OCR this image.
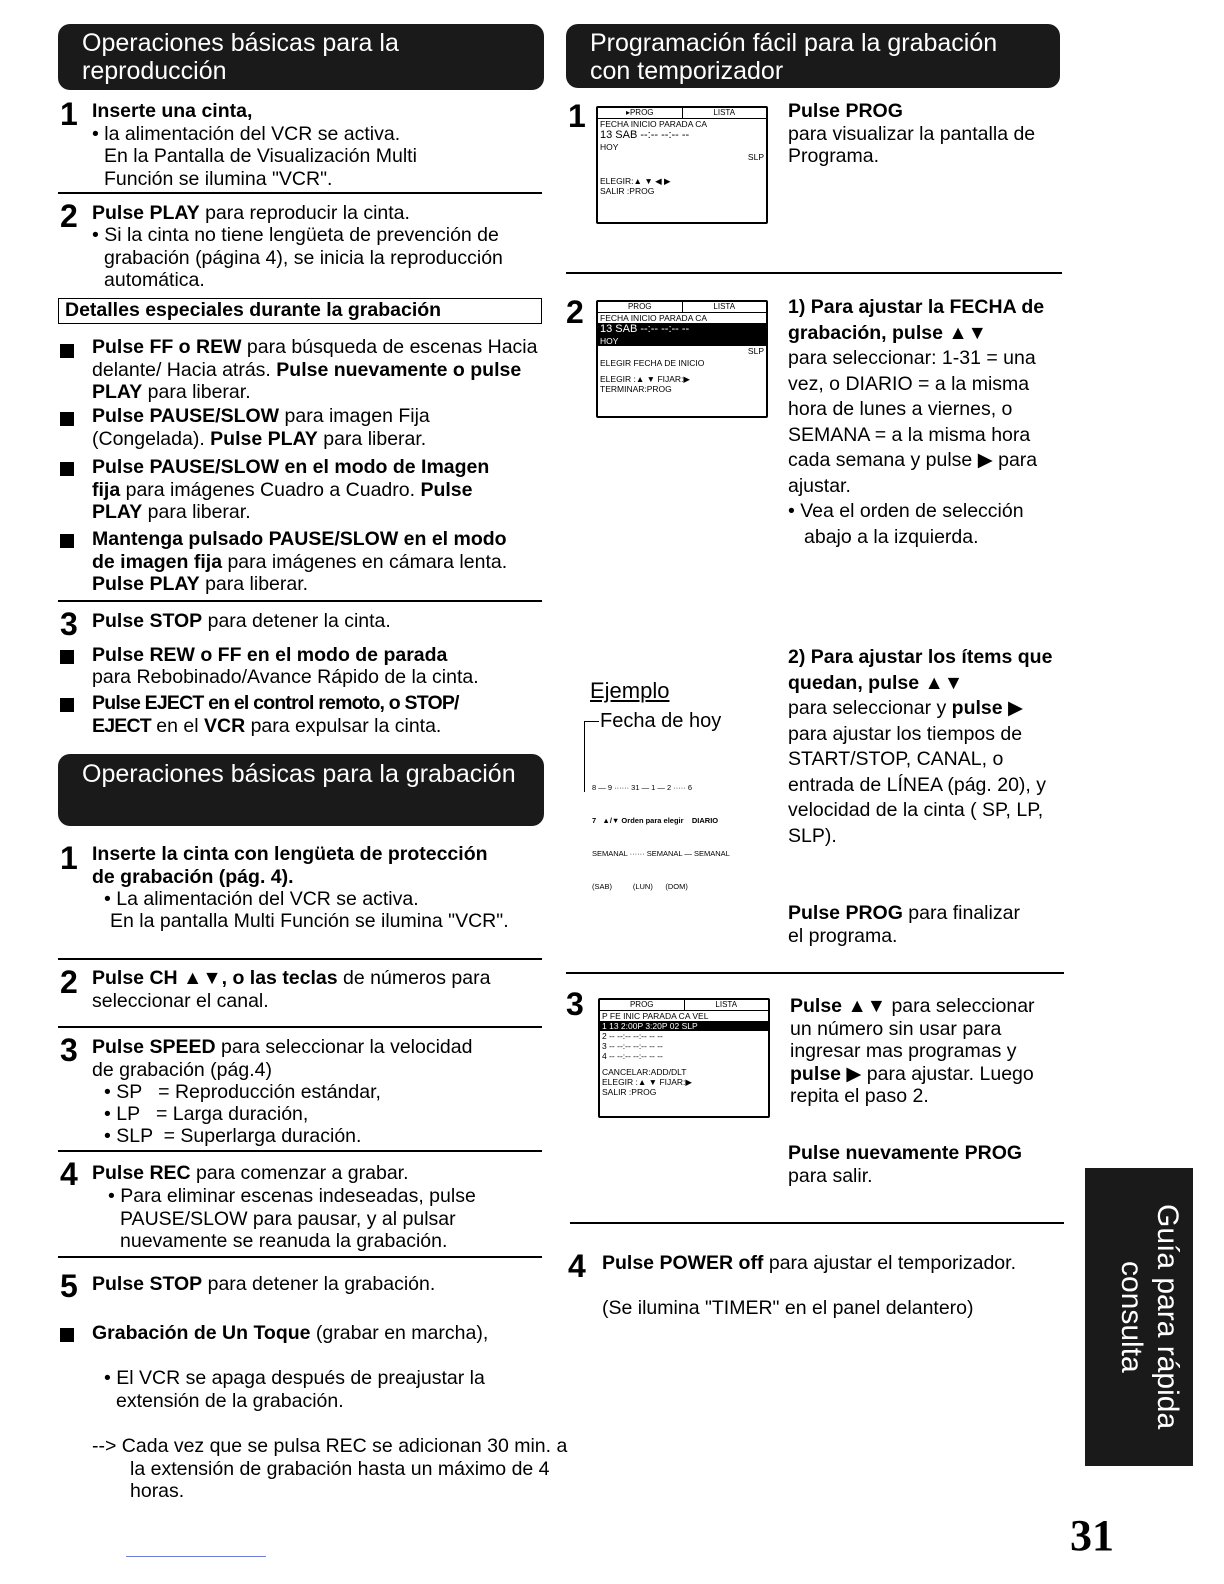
Operaciones básicas para la reproducción
1 Inserte una cinta,
• la alimentación del VCR se activa.
En la Pantalla de Visualización Multi Función se ilumina "VCR".
2 Pulse PLAY para reproducir la cinta.
• Si la cinta no tiene lengüeta de prevención de grabación (página 4), se inicia la reproducción automática.
Detalles especiales durante la grabación
Pulse FF o REW para búsqueda de escenas Hacia delante/ Hacia atrás. Pulse nuevamente o pulse PLAY para liberar.
Pulse PAUSE/SLOW para imagen Fija (Congelada). Pulse PLAY para liberar.
Pulse PAUSE/SLOW en el modo de Imagen fija para imágenes Cuadro a Cuadro. Pulse PLAY para liberar.
Mantenga pulsado PAUSE/SLOW en el modo de imagen fija para imágenes en cámara lenta. Pulse PLAY para liberar.
3 Pulse STOP para detener la cinta.
Pulse REW o FF en el modo de parada
para Rebobinado/Avance Rápido de la cinta.
Pulse EJECT en el control remoto, o STOP/ EJECT en el VCR para expulsar la cinta.
Operaciones básicas para la grabación
1 Inserte la cinta con lengüeta de protección de grabación (pág. 4).
• La alimentación del VCR se activa.
En la pantalla Multi Función se ilumina "VCR".
2 Pulse CH ▲▼, o las teclas de números para seleccionar el canal.
3 Pulse SPEED para seleccionar la velocidad de grabación (pág.4)
• SP   = Reproducción estándar,
• LP   = Larga duración,
• SLP  = Superlarga duración.
4 Pulse REC para comenzar a grabar.
• Para eliminar escenas indeseadas, pulse PAUSE/SLOW para pausar, y al pulsar nuevamente se reanuda la grabación.
5 Pulse STOP para detener la grabación.
Grabación de Un Toque (grabar en marcha),
• El VCR se apaga después de preajustar la extensión de la grabación.
--> Cada vez que se pulsa REC se adicionan 30 min. a la extensión de grabación hasta un máximo de 4 horas.
Programación fácil para la grabación con temporizador
1	▸PROG	LISTA
FECHA INICIO PARADA CA
13 SAB --:-- --:-- --
HOY
SLP
ELEGIR:▲ ▼ ◀ ▶
SALIR :PROG
Pulse PROG
para visualizar la pantalla de Programa.
2	PROG	LISTA
FECHA INICIO PARADA CA
13 SAB --:-- --:-- --
HOY
SLP
ELEGIR FECHA DE INICIO
ELEGIR :▲ ▼ FIJAR:▶
TERMINAR:PROG
1) Para ajustar la FECHA de grabación, pulse ▲▼
para seleccionar: 1-31 = una vez, o DIARIO = a la misma hora de lunes a viernes, o SEMANA = a la misma hora cada semana y pulse ▶ para ajustar.
• Vea el orden de selección abajo a la izquierda.
Ejemplo
Fecha de hoy

8 — 9 ······ 31 — 1 — 2 ····· 6

7   ▲/▼ Orden para elegir    DIARIO

SEMANAL ······ SEMANAL — SEMANAL

(SAB)          (LUN)      (DOM)

2) Para ajustar los ítems que quedan, pulse ▲▼
para seleccionar y pulse ▶ para ajustar los tiempos de START/STOP, CANAL, o entrada de LÍNEA (pág. 20), y velocidad de la cinta ( SP, LP, SLP).
Pulse PROG para finalizar el programa.
3	PROG	LISTA
P FE INIC PARADA CA VEL
1 13 2:00P 3:20P 02 SLP
2 -- --:-- --:-- -- --
3 -- --:-- --:-- -- --
4 -- --:-- --:-- -- --
CANCELAR:ADD/DLT
ELEGIR :▲ ▼ FIJAR:▶
SALIR :PROG
Pulse ▲▼ para seleccionar un número sin usar para ingresar mas programas y pulse ▶ para ajustar. Luego repita el paso 2.
Pulse nuevamente PROG para salir.
4 Pulse POWER off para ajustar el temporizador.
(Se ilumina "TIMER" en el panel delantero)	Guía para rápida consulta
31
